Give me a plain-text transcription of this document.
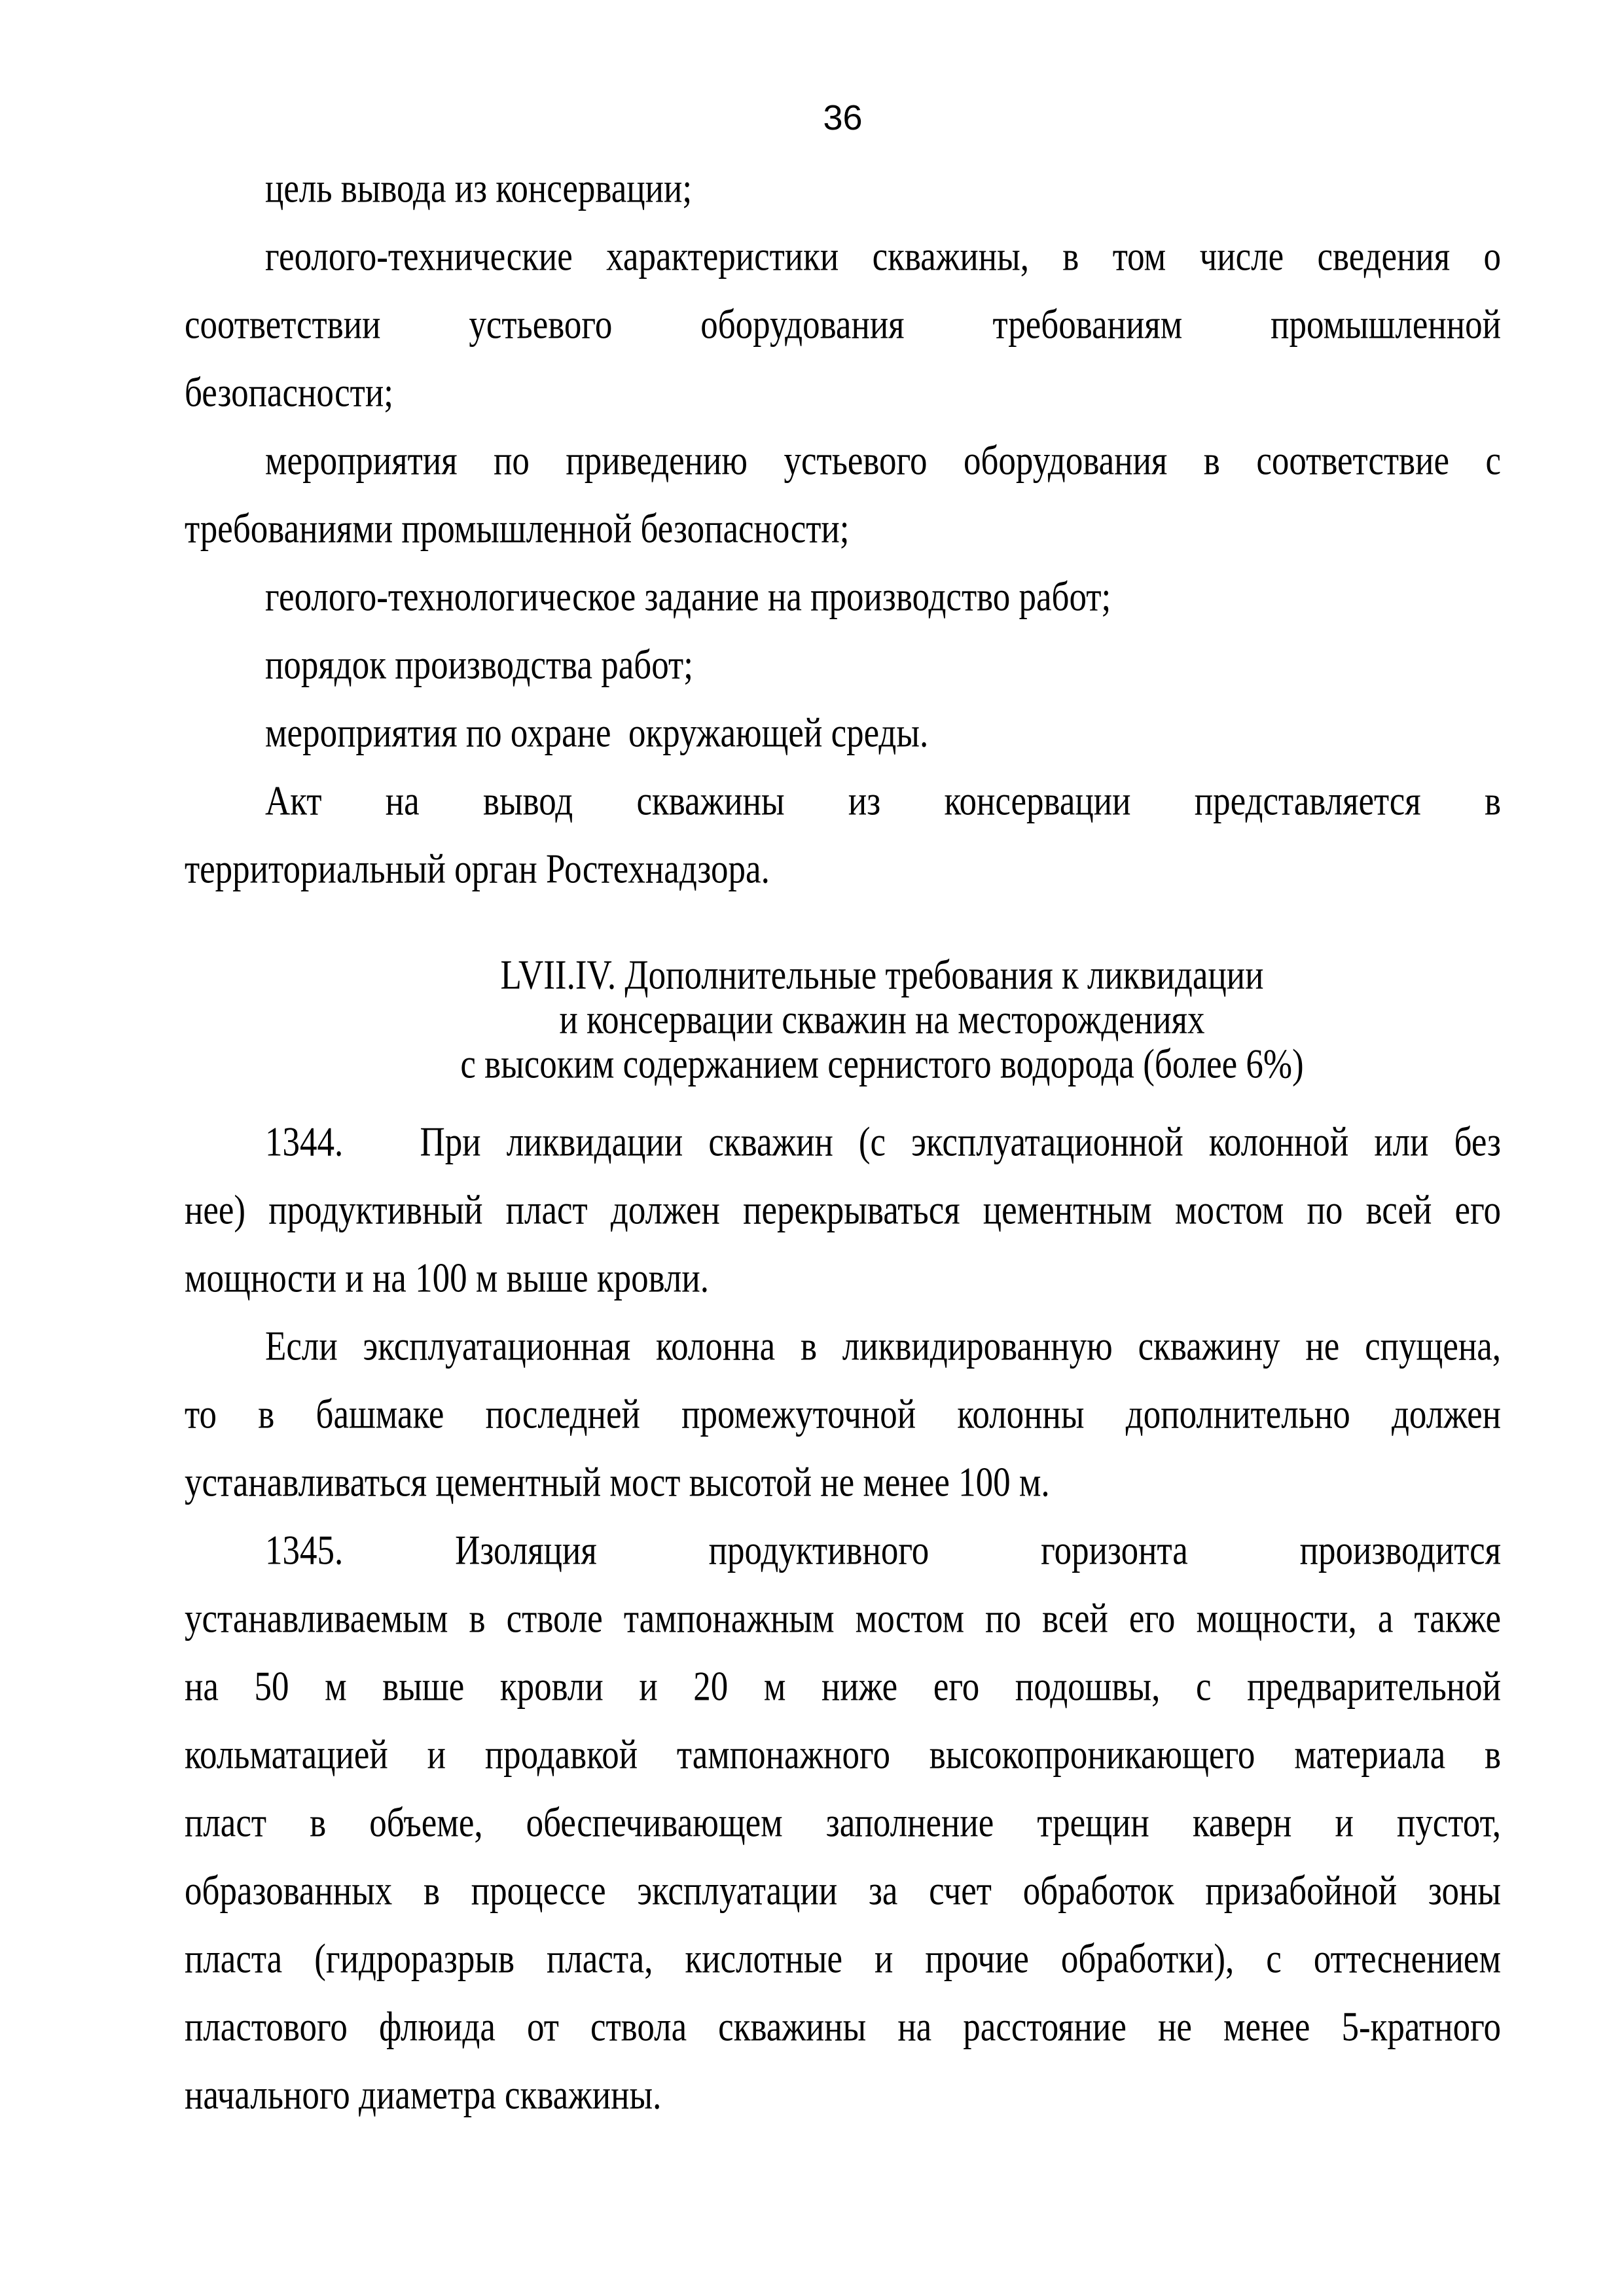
36
цель вывода из консервации;
геолого-технические характеристики скважины, в том числе сведения о
соответствии устьевого оборудования требованиям промышленной
безопасности;
мероприятия по приведению устьевого оборудования в соответствие с
требованиями промышленной безопасности;
геолого-технологическое задание на производство работ;
порядок производства работ;
мероприятия по охране  окружающей среды.
Акт на вывод скважины из консервации представляется в
территориальный орган Ростехнадзора.
LVII.IV. Дополнительные требования к ликвидации
и консервации скважин на месторождениях
с высоким содержанием сернистого водорода (более 6%)
1344.   При ликвидации скважин (с эксплуатационной колонной или без
нее) продуктивный пласт должен перекрываться цементным мостом по всей его
мощности и на 100 м выше кровли.
Если эксплуатационная колонна в ликвидированную скважину не спущена,
то в башмаке последней промежуточной колонны дополнительно должен
устанавливаться цементный мост высотой не менее 100 м.
1345. Изоляция продуктивного горизонта производится
устанавливаемым в стволе тампонажным мостом по всей его мощности, а также
на 50 м выше кровли и 20 м ниже его подошвы, с предварительной
кольматацией и продавкой тампонажного высокопроникающего материала в
пласт в объеме, обеспечивающем заполнение трещин каверн и пустот,
образованных в процессе эксплуатации за счет обработок призабойной зоны
пласта (гидроразрыв пласта, кислотные и прочие обработки), с оттеснением
пластового флюида от ствола скважины на расстояние не менее 5-кратного
начального диаметра скважины.
